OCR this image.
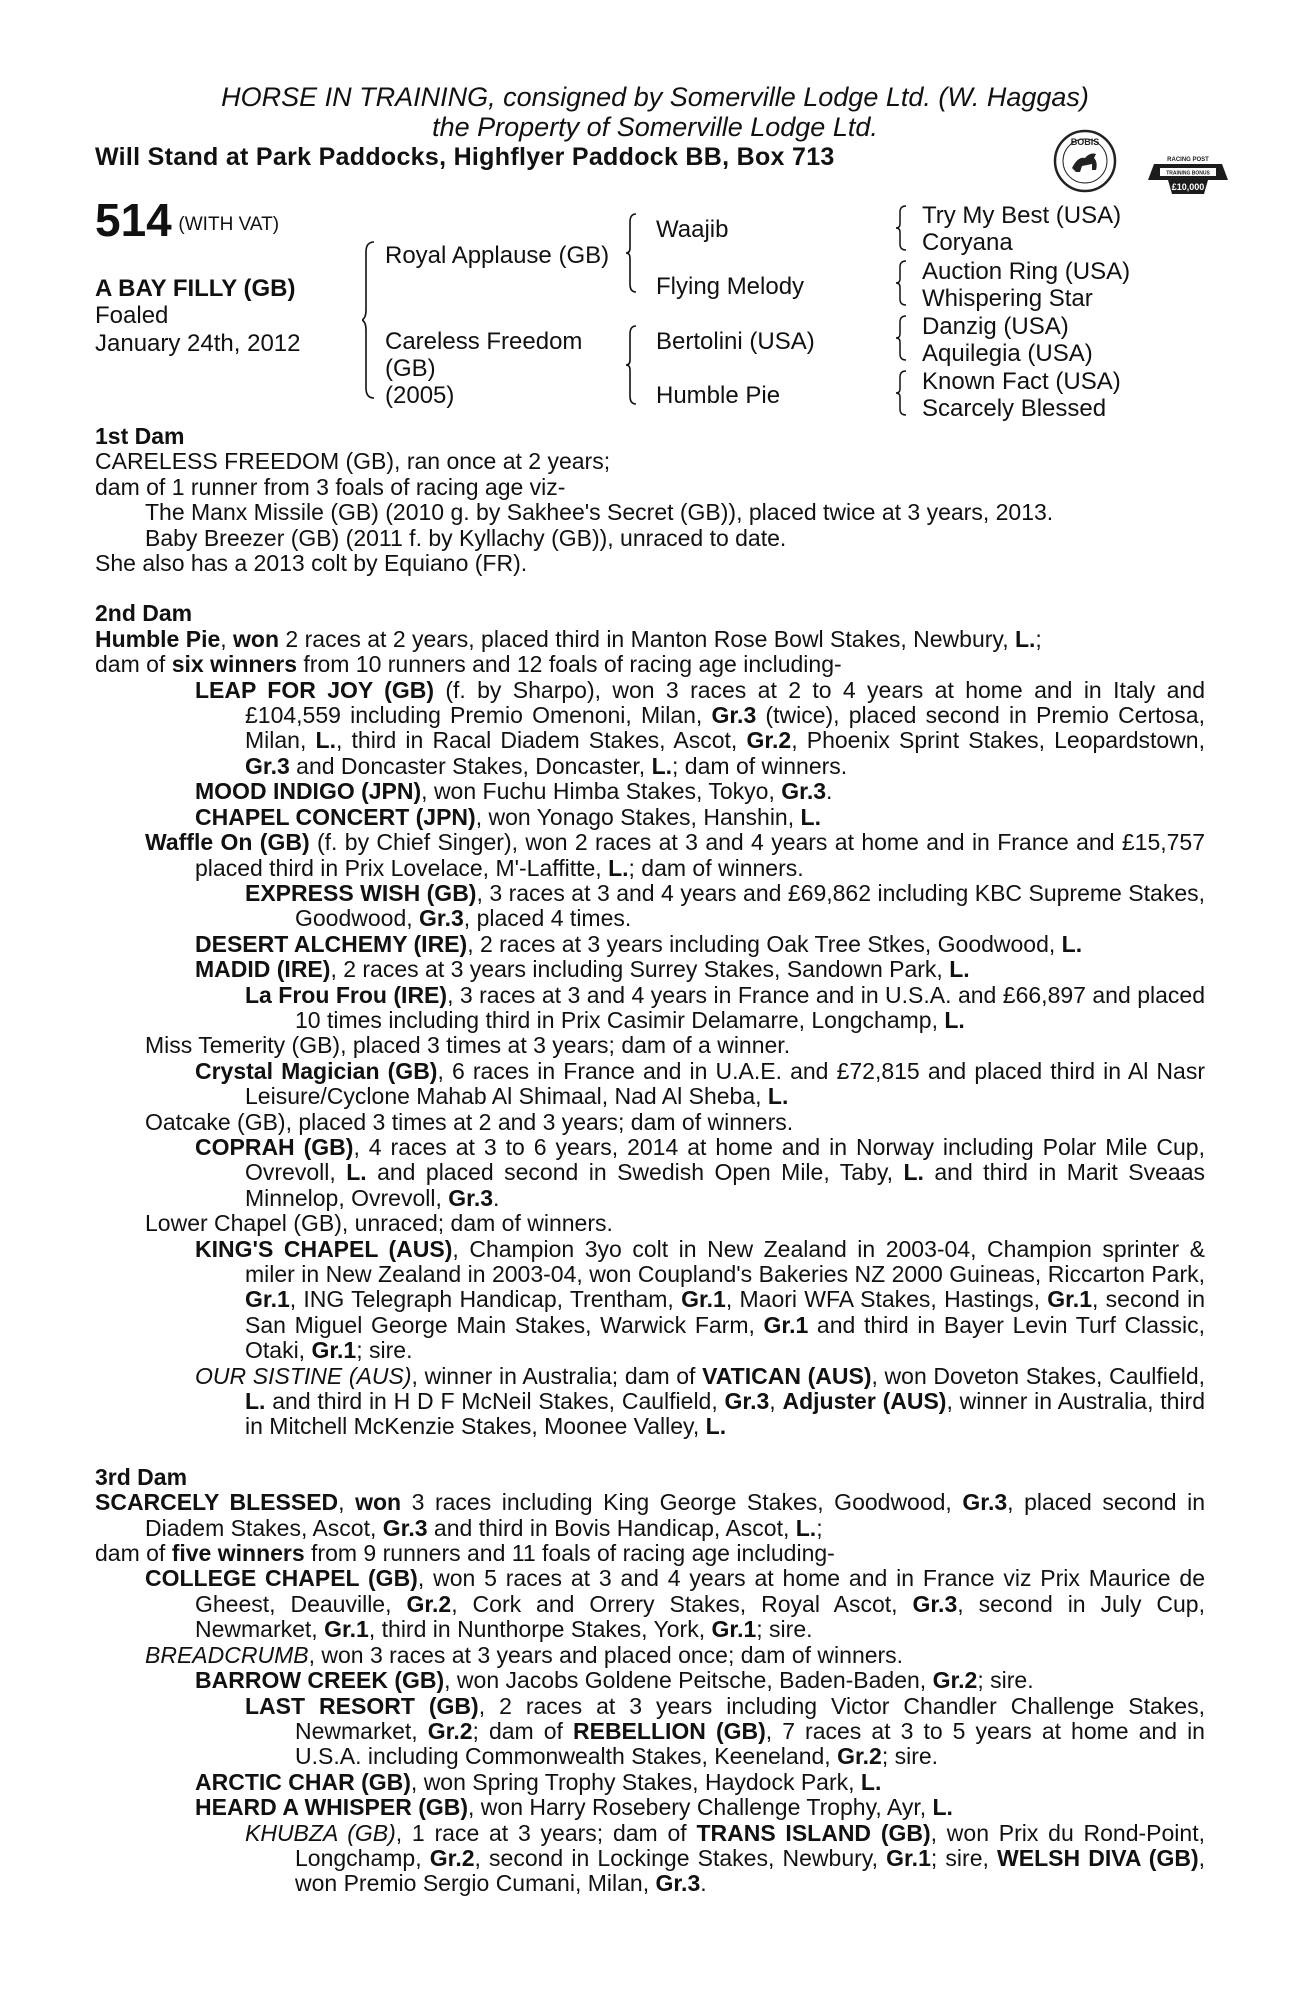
HORSE IN TRAINING, consigned by Somerville Lodge Ltd. (W. Haggas)
the Property of Somerville Lodge Ltd.
Will Stand at Park Paddocks, Highflyer Paddock BB, Box 713
BOBIS
RACING POST
TRAINING BONUS
£10,000
514 $^{(WITH VAT)}$
A BAY FILLY (GB)
Foaled
January 24th, 2012
Royal Applause (GB)
Careless Freedom
(GB)
(2005)
Waajib
Flying Melody
Bertolini (USA)
Humble Pie
Try My Best (USA)
Coryana
Auction Ring (USA)
Whispering Star
Danzig (USA)
Aquilegia (USA)
Known Fact (USA)
Scarcely Blessed
1st Dam

CARELESS FREEDOM (GB), ran once at 2 years;

dam of 1 runner from 3 foals of racing age viz-

The Manx Missile (GB) (2010 g. by Sakhee's Secret (GB)), placed twice at 3 years, 2013.

Baby Breezer (GB) (2011 f. by Kyllachy (GB)), unraced to date.

She also has a 2013 colt by Equiano (FR).

2nd Dam

Humble Pie, won 2 races at 2 years, placed third in Manton Rose Bowl Stakes, Newbury, L.;

dam of six winners from 10 runners and 12 foals of racing age including-

LEAP FOR JOY (GB) (f. by Sharpo), won 3 races at 2 to 4 years at home and in Italy and £104,559 including Premio Omenoni, Milan, Gr.3 (twice), placed second in Premio Certosa, Milan, L., third in Racal Diadem Stakes, Ascot, Gr.2, Phoenix Sprint Stakes, Leopardstown, Gr.3 and Doncaster Stakes, Doncaster, L.; dam of winners.

MOOD INDIGO (JPN), won Fuchu Himba Stakes, Tokyo, Gr.3.

CHAPEL CONCERT (JPN), won Yonago Stakes, Hanshin, L.

Waffle On (GB) (f. by Chief Singer), won 2 races at 3 and 4 years at home and in France and £15,757 placed third in Prix Lovelace, M'-Laffitte, L.; dam of winners.

EXPRESS WISH (GB), 3 races at 3 and 4 years and £69,862 including KBC Supreme Stakes, Goodwood, Gr.3, placed 4 times.

DESERT ALCHEMY (IRE), 2 races at 3 years including Oak Tree Stkes, Goodwood, L.

MADID (IRE), 2 races at 3 years including Surrey Stakes, Sandown Park, L.

La Frou Frou (IRE), 3 races at 3 and 4 years in France and in U.S.A. and £66,897 and placed 10 times including third in Prix Casimir Delamarre, Longchamp, L.

Miss Temerity (GB), placed 3 times at 3 years; dam of a winner.

Crystal Magician (GB), 6 races in France and in U.A.E. and £72,815 and placed third in Al Nasr Leisure/Cyclone Mahab Al Shimaal, Nad Al Sheba, L.

Oatcake (GB), placed 3 times at 2 and 3 years; dam of winners.

COPRAH (GB), 4 races at 3 to 6 years, 2014 at home and in Norway including Polar Mile Cup, Ovrevoll, L. and placed second in Swedish Open Mile, Taby, L. and third in Marit Sveaas Minnelop, Ovrevoll, Gr.3.

Lower Chapel (GB), unraced; dam of winners.

KING'S CHAPEL (AUS), Champion 3yo colt in New Zealand in 2003-04, Champion sprinter & miler in New Zealand in 2003-04, won Coupland's Bakeries NZ 2000 Guineas, Riccarton Park, Gr.1, ING Telegraph Handicap, Trentham, Gr.1, Maori WFA Stakes, Hastings, Gr.1, second in San Miguel George Main Stakes, Warwick Farm, Gr.1 and third in Bayer Levin Turf Classic, Otaki, Gr.1; sire.

OUR SISTINE (AUS), winner in Australia; dam of VATICAN (AUS), won Doveton Stakes, Caulfield, L. and third in H D F McNeil Stakes, Caulfield, Gr.3, Adjuster (AUS), winner in Australia, third in Mitchell McKenzie Stakes, Moonee Valley, L.

3rd Dam

SCARCELY BLESSED, won 3 races including King George Stakes, Goodwood, Gr.3, placed second in Diadem Stakes, Ascot, Gr.3 and third in Bovis Handicap, Ascot, L.;

dam of five winners from 9 runners and 11 foals of racing age including-

COLLEGE CHAPEL (GB), won 5 races at 3 and 4 years at home and in France viz Prix Maurice de Gheest, Deauville, Gr.2, Cork and Orrery Stakes, Royal Ascot, Gr.3, second in July Cup, Newmarket, Gr.1, third in Nunthorpe Stakes, York, Gr.1; sire.

BREADCRUMB, won 3 races at 3 years and placed once; dam of winners.

BARROW CREEK (GB), won Jacobs Goldene Peitsche, Baden-Baden, Gr.2; sire.

LAST RESORT (GB), 2 races at 3 years including Victor Chandler Challenge Stakes, Newmarket, Gr.2; dam of REBELLION (GB), 7 races at 3 to 5 years at home and in U.S.A. including Commonwealth Stakes, Keeneland, Gr.2; sire.

ARCTIC CHAR (GB), won Spring Trophy Stakes, Haydock Park, L.

HEARD A WHISPER (GB), won Harry Rosebery Challenge Trophy, Ayr, L.

KHUBZA (GB), 1 race at 3 years; dam of TRANS ISLAND (GB), won Prix du Rond-Point, Longchamp, Gr.2, second in Lockinge Stakes, Newbury, Gr.1; sire, WELSH DIVA (GB), won Premio Sergio Cumani, Milan, Gr.3.
